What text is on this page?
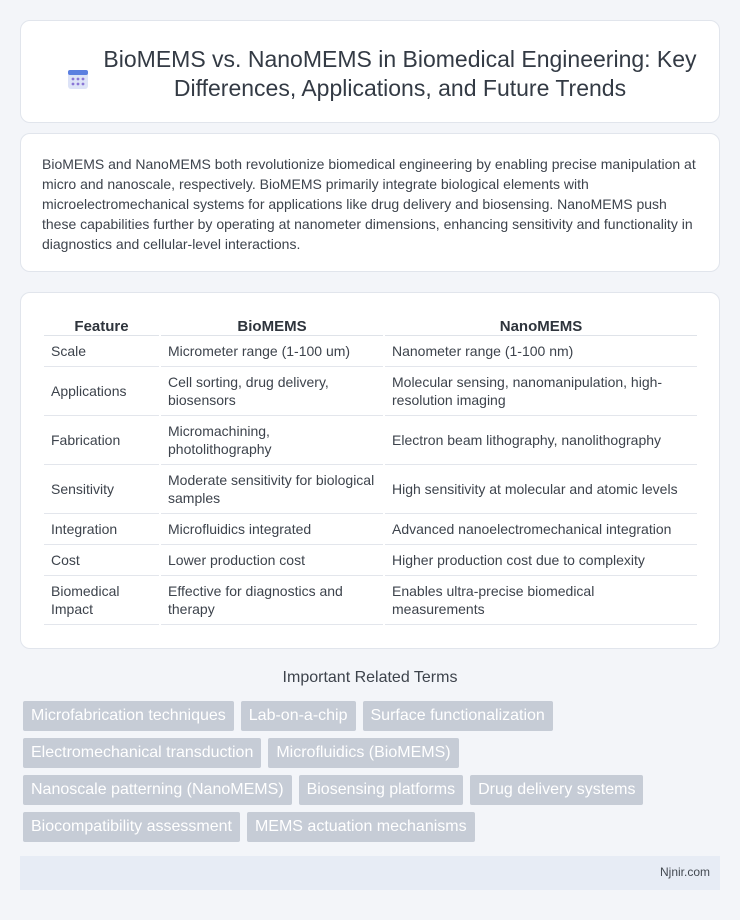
BioMEMS vs. NanoMEMS in Biomedical Engineering: Key Differences, Applications, and Future Trends

BioMEMS and NanoMEMS both revolutionize biomedical engineering by enabling precise manipulation at micro and nanoscale, respectively. BioMEMS primarily integrate biological elements with microelectromechanical systems for applications like drug delivery and biosensing. NanoMEMS push these capabilities further by operating at nanometer dimensions, enhancing sensitivity and functionality in diagnostics and cellular-level interactions.

Feature	BioMEMS	NanoMEMS
Scale	Micrometer range (1-100 um)	Nanometer range (1-100 nm)
Applications	Cell sorting, drug delivery, biosensors	Molecular sensing, nanomanipulation, high-resolution imaging
Fabrication	Micromachining, photolithography	Electron beam lithography, nanolithography
Sensitivity	Moderate sensitivity for biological samples	High sensitivity at molecular and atomic levels
Integration	Microfluidics integrated	Advanced nanoelectromechanical integration
Cost	Lower production cost	Higher production cost due to complexity
Biomedical Impact	Effective for diagnostics and therapy	Enables ultra-precise biomedical measurements
Important Related Terms
Microfabrication techniques	Lab-on-a-chip	Surface functionalization
Electromechanical transduction	Microfluidics (BioMEMS)
Nanoscale patterning (NanoMEMS)	Biosensing platforms	Drug delivery systems
Biocompatibility assessment	MEMS actuation mechanisms
Njnir.com
